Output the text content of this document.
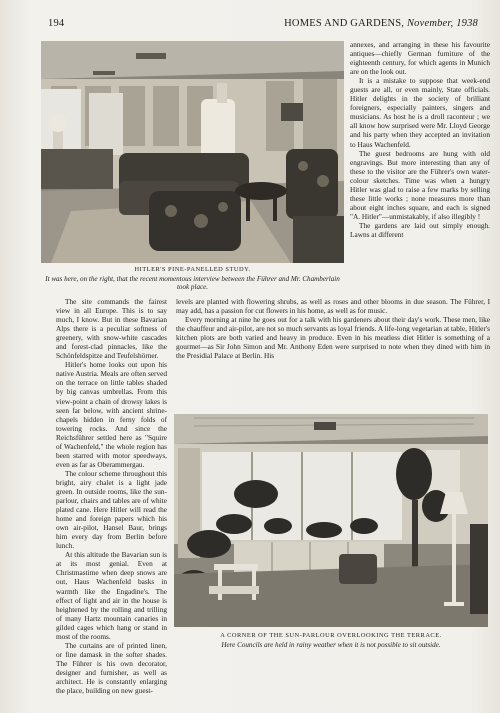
194	HOMES AND GARDENS, November, 1938
HITLER'S PINE-PANELLED STUDY.
It was here, on the right, that the recent momentous interview between the Führer and Mr. Chamberlain took place.

annexes, and arranging in these his favourite antiques—chiefly German furniture of the eighteenth century, for which agents in Munich are on the look out.

It is a mistake to suppose that week-end guests are all, or even mainly, State officials. Hitler delights in the society of brilliant foreigners, especially painters, singers and musicians. As host he is a droll raconteur ; we all know how surprised were Mr. Lloyd George and his party when they accepted an invitation to Haus Wachenfeld.

The guest bedrooms are hung with old engravings. But more interesting than any of these to the visitor are the Führer's own water-colour sketches. Time was when a hungry Hitler was glad to raise a few marks by selling these little works ; none measures more than about eight inches square, and each is signed "A. Hitler"—unmistakably, if also illegibly !

The gardens are laid out simply enough. Lawns at different

The site commands the fairest view in all Europe. This is to say much, I know. But in these Bavarian Alps there is a peculiar softness of greenery, with snow-white cascades and forest-clad pinnacles, like the Schönfeldspitze and Teufelshörner.

Hitler's home looks out upon his native Austria. Meals are often served on the terrace on little tables shaded by big canvas umbrellas. From this view-point a chain of drowsy lakes is seen far below, with ancient shrine-chapels hidden in ferny folds of towering rocks. And since the Reichsführer settled here as "Squire of Wachenfeld," the whole region has been starred with motor speedways, even as far as Oberammergau.

The colour scheme throughout this bright, airy chalet is a light jade green. In outside rooms, like the sun-parlour, chairs and tables are of white plated cane. Here Hitler will read the home and foreign papers which his own air-pilot, Hansel Baur, brings him every day from Berlin before lunch.

At this altitude the Bavarian sun is at its most genial. Even at Christmastime when deep snows are out, Haus Wachenfeld basks in warmth like the Engadine's. The effect of light and air in the house is heightened by the rolling and trilling of many Hartz mountain canaries in gilded cages which hang or stand in most of the rooms.

The curtains are of printed linen, or fine damask in the softer shades. The Führer is his own decorator, designer and furnisher, as well as architect. He is constantly enlarging the place, building on new guest-

levels are planted with flowering shrubs, as well as roses and other blooms in due season. The Führer, I may add, has a passion for cut flowers in his home, as well as for music.

Every morning at nine he goes out for a talk with his gardeners about their day's work. These men, like the chauffeur and air-pilot, are not so much servants as loyal friends. A life-long vegetarian at table, Hitler's kitchen plots are both varied and heavy in produce. Even in his meatless diet Hitler is something of a gourmet—as Sir John Simon and Mr. Anthony Eden were surprised to note when they dined with him in the Presidial Palace at Berlin. His

A CORNER OF THE SUN-PARLOUR OVERLOOKING THE TERRACE.
Here Councils are held in rainy weather when it is not possible to sit outside.
